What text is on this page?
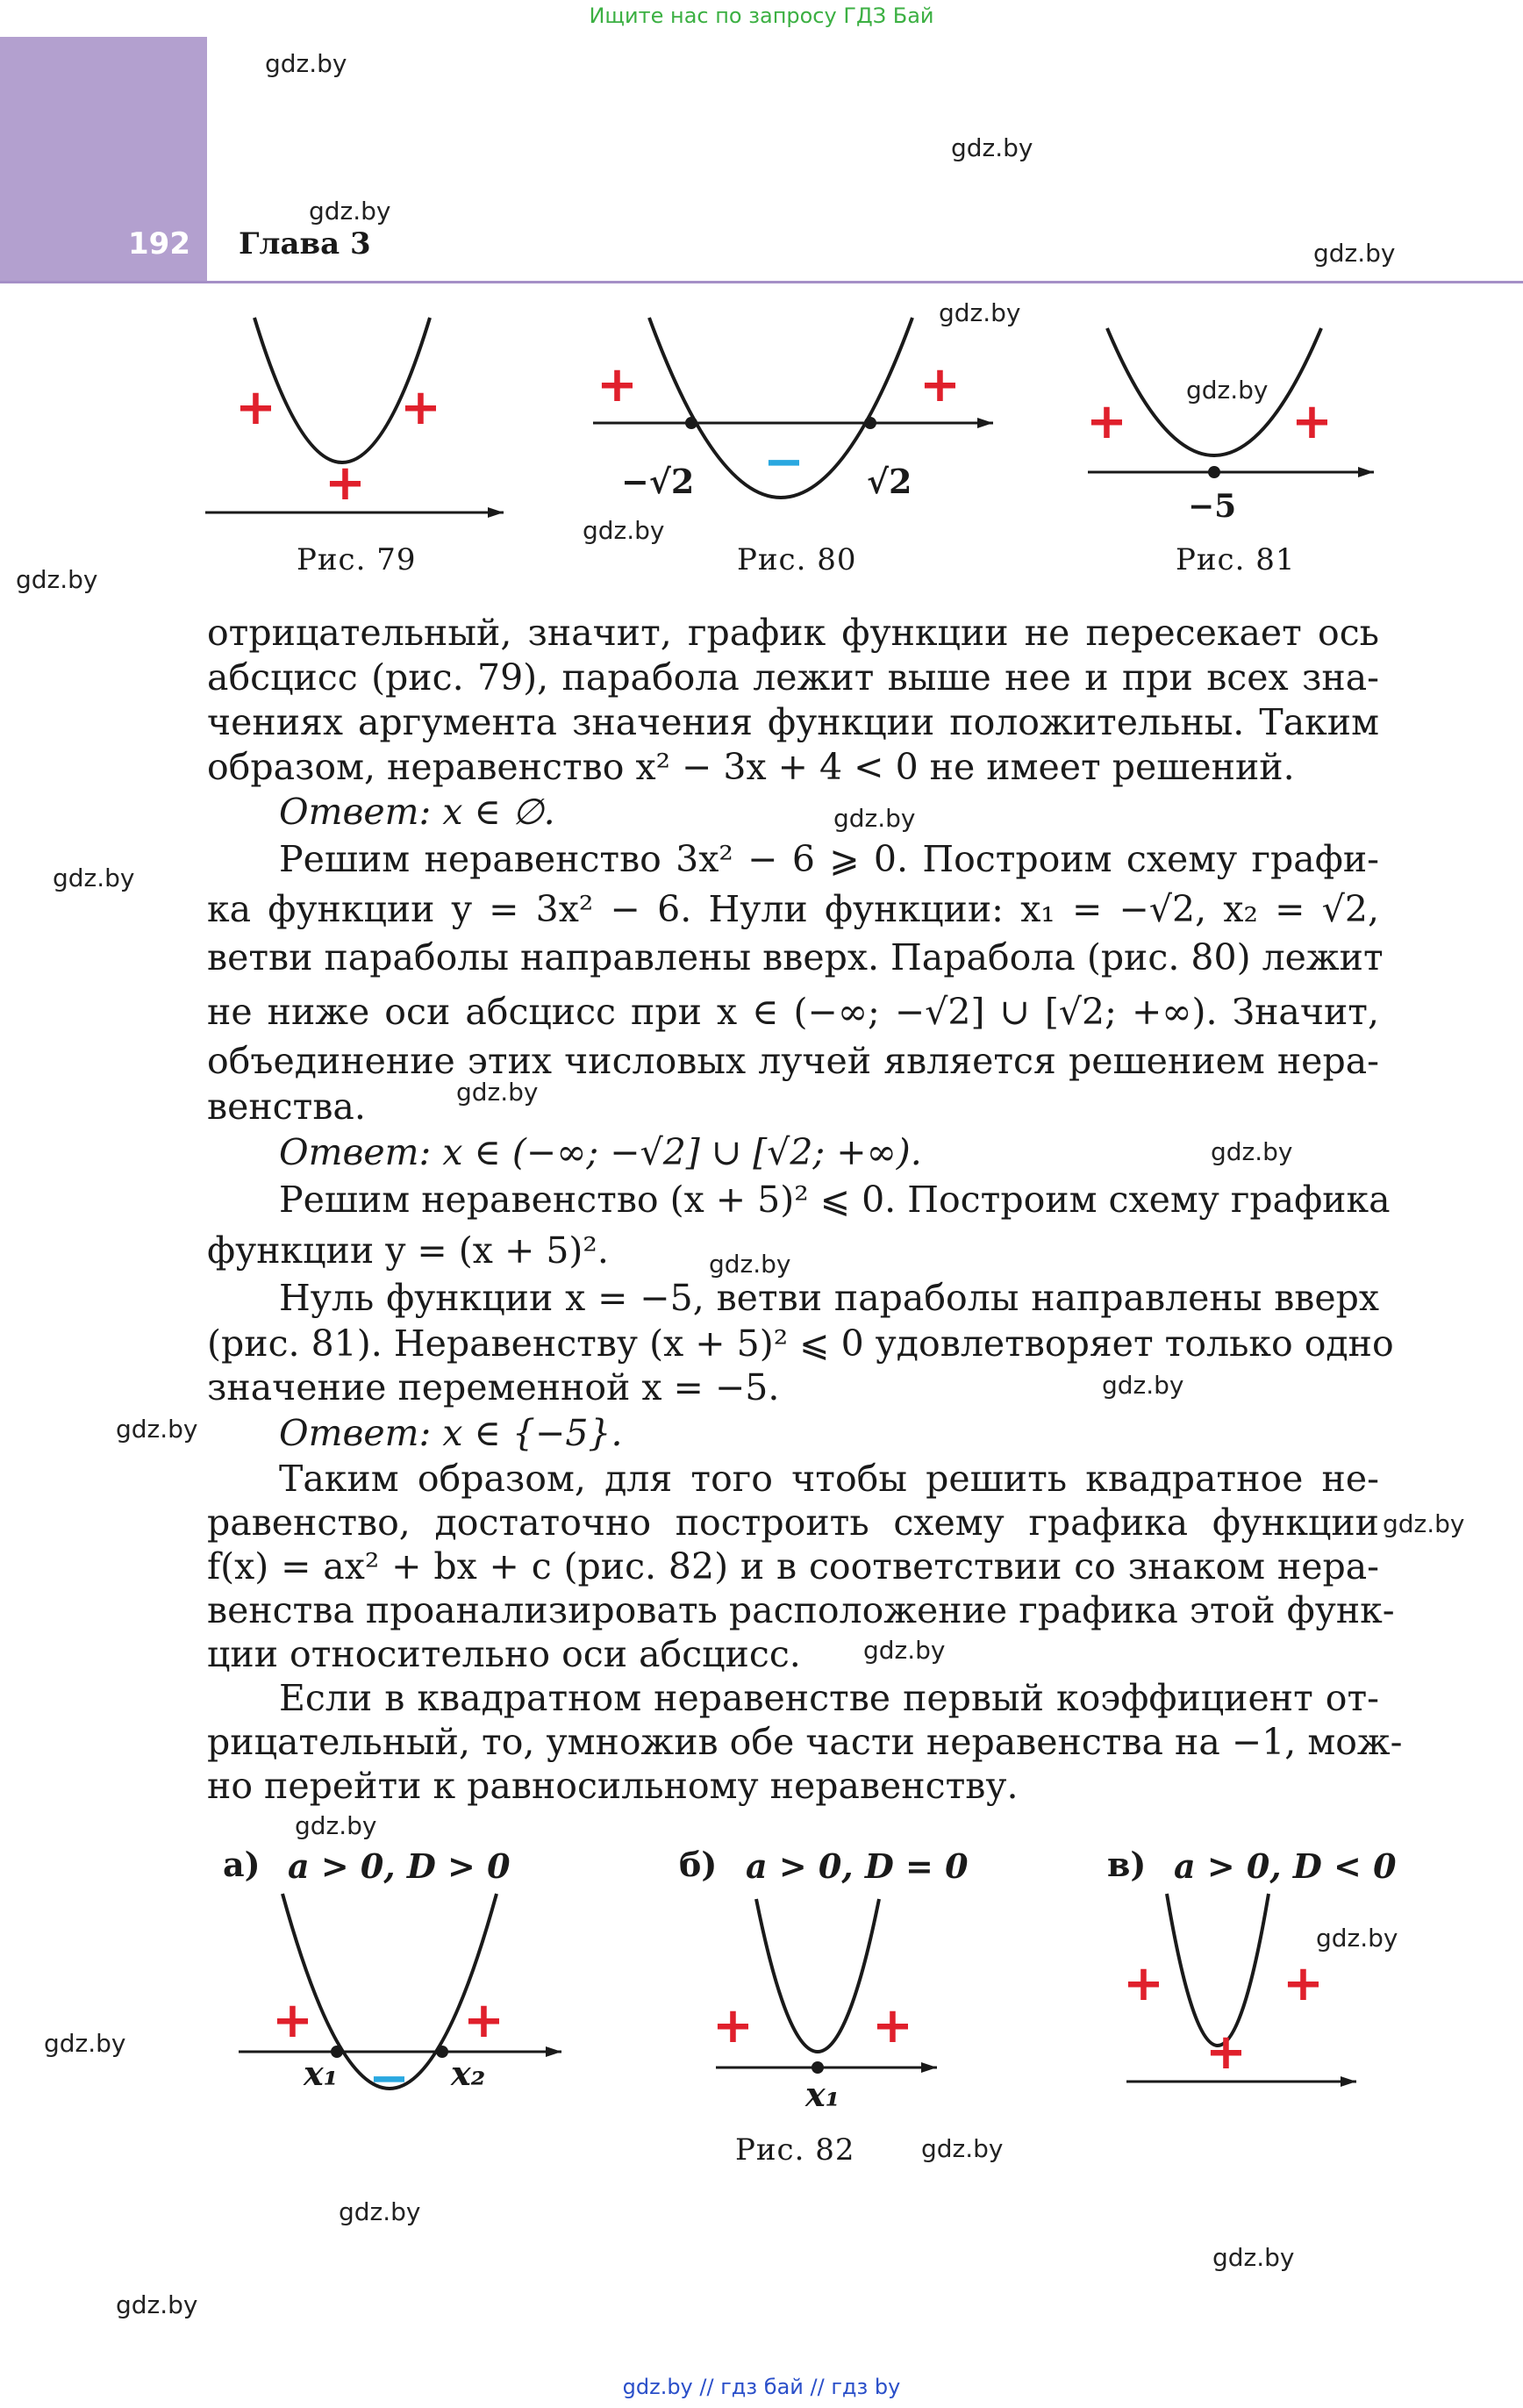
Ищите нас по запросу ГДЗ Бай
192 Глава 3
gdz.by
gdz.by
gdz.by
gdz.by
gdz.by
gdz.by
gdz.by
gdz.by
gdz.by
gdz.by
gdz.by
gdz.by
gdz.by
gdz.by
gdz.by
gdz.by
gdz.by
gdz.by
gdz.by
gdz.by
gdz.by
gdz.by
gdz.by
gdz.by
+	+
+
Рис. 79
+	+
−
−√2	√2
Рис. 80
+	+
−5
Рис. 81
отрицательный, значит, график функции не пересекает ось
абсцисс (рис. 79), парабола лежит выше нее и при всех зна-
чениях аргумента значения функции положительны. Таким
образом, неравенство x² − 3x + 4 < 0 не имеет решений.
Ответ: x ∈ ∅.
Решим неравенство 3x² − 6 ⩾ 0. Построим схему графи-
ка функции y = 3x² − 6. Нули функции: x₁ = −√2, x₂ = √2,
ветви параболы направлены вверх. Парабола (рис. 80) лежит
не ниже оси абсцисс при x ∈ (−∞; −√2] ∪ [√2; +∞). Значит,
объединение этих числовых лучей является решением нера-
венства.
Ответ: x ∈ (−∞; −√2] ∪ [√2; +∞).
Решим неравенство (x + 5)² ⩽ 0. Построим схему графика
функции y = (x + 5)².
Нуль функции x = −5, ветви параболы направлены вверх
(рис. 81). Неравенству (x + 5)² ⩽ 0 удовлетворяет только одно
значение переменной x = −5.
Ответ: x ∈ {−5}.
Таким образом, для того чтобы решить квадратное не-
равенство, достаточно построить схему графика функции
f(x) = ax² + bx + c (рис. 82) и в соответствии со знаком нера-
венства проанализировать расположение графика этой функ-
ции относительно оси абсцисс.
Если в квадратном неравенстве первый коэффициент от-
рицательный, то, умножив обе части неравенства на −1, мож-
но перейти к равносильному неравенству.
а) a > 0, D > 0
+	+
−
x₁	x₂
б) a > 0, D = 0
+ +
x₁
Рис. 82
в) a > 0, D < 0
+ +
+
gdz.by // гдз бай // гдз by
